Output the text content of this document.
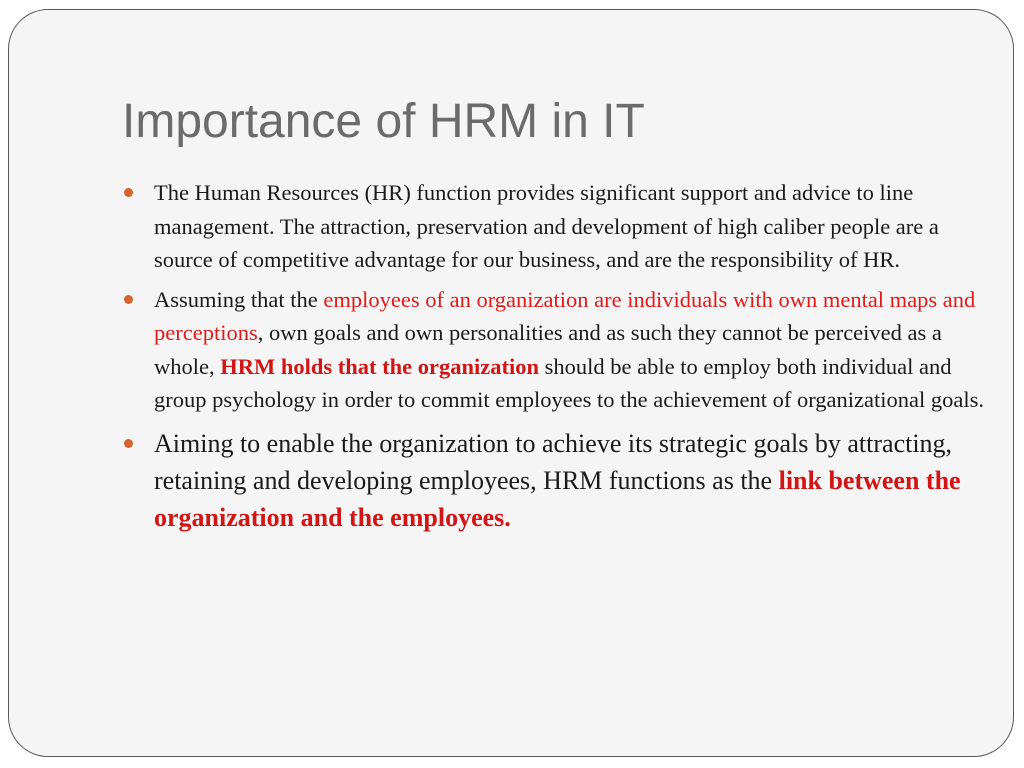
Importance of HRM in IT
The Human Resources (HR) function provides significant support and advice to line management. The attraction, preservation and development of high caliber people are a source of competitive advantage for our business, and are the responsibility of HR.
Assuming that the employees of an organization are individuals with own mental maps and perceptions, own goals and own personalities and as such they cannot be perceived as a whole, HRM holds that the organization should be able to employ both individual and group psychology in order to commit employees to the achievement of organizational goals.
Aiming to enable the organization to achieve its strategic goals by attracting, retaining and developing employees, HRM functions as the link between the organization and the employees.
